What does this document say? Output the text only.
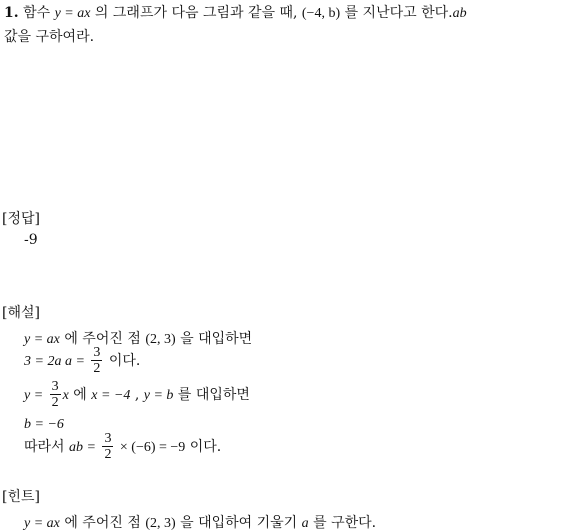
1. 함수 y = ax 의 그래프가 다음 그림과 같을 때, (−4, b) 를 지난다고 한다.ab
값을 구하여라.
[정답]
-9
[해설]
y = ax 에 주어진 점 (2, 3) 을 대입하면
3 = 2a $a = \frac{3}{2}$ 이다.
$y = \frac{3}{2}$ x 에 x = −4 , y = b 를 대입하면
b = −6
따라서 ab = $\frac{3}{2} \times (-6) = -9$ 이다.
[힌트]
y = ax 에 주어진 점 (2, 3) 을 대입하여 기울기 a 를 구한다.
